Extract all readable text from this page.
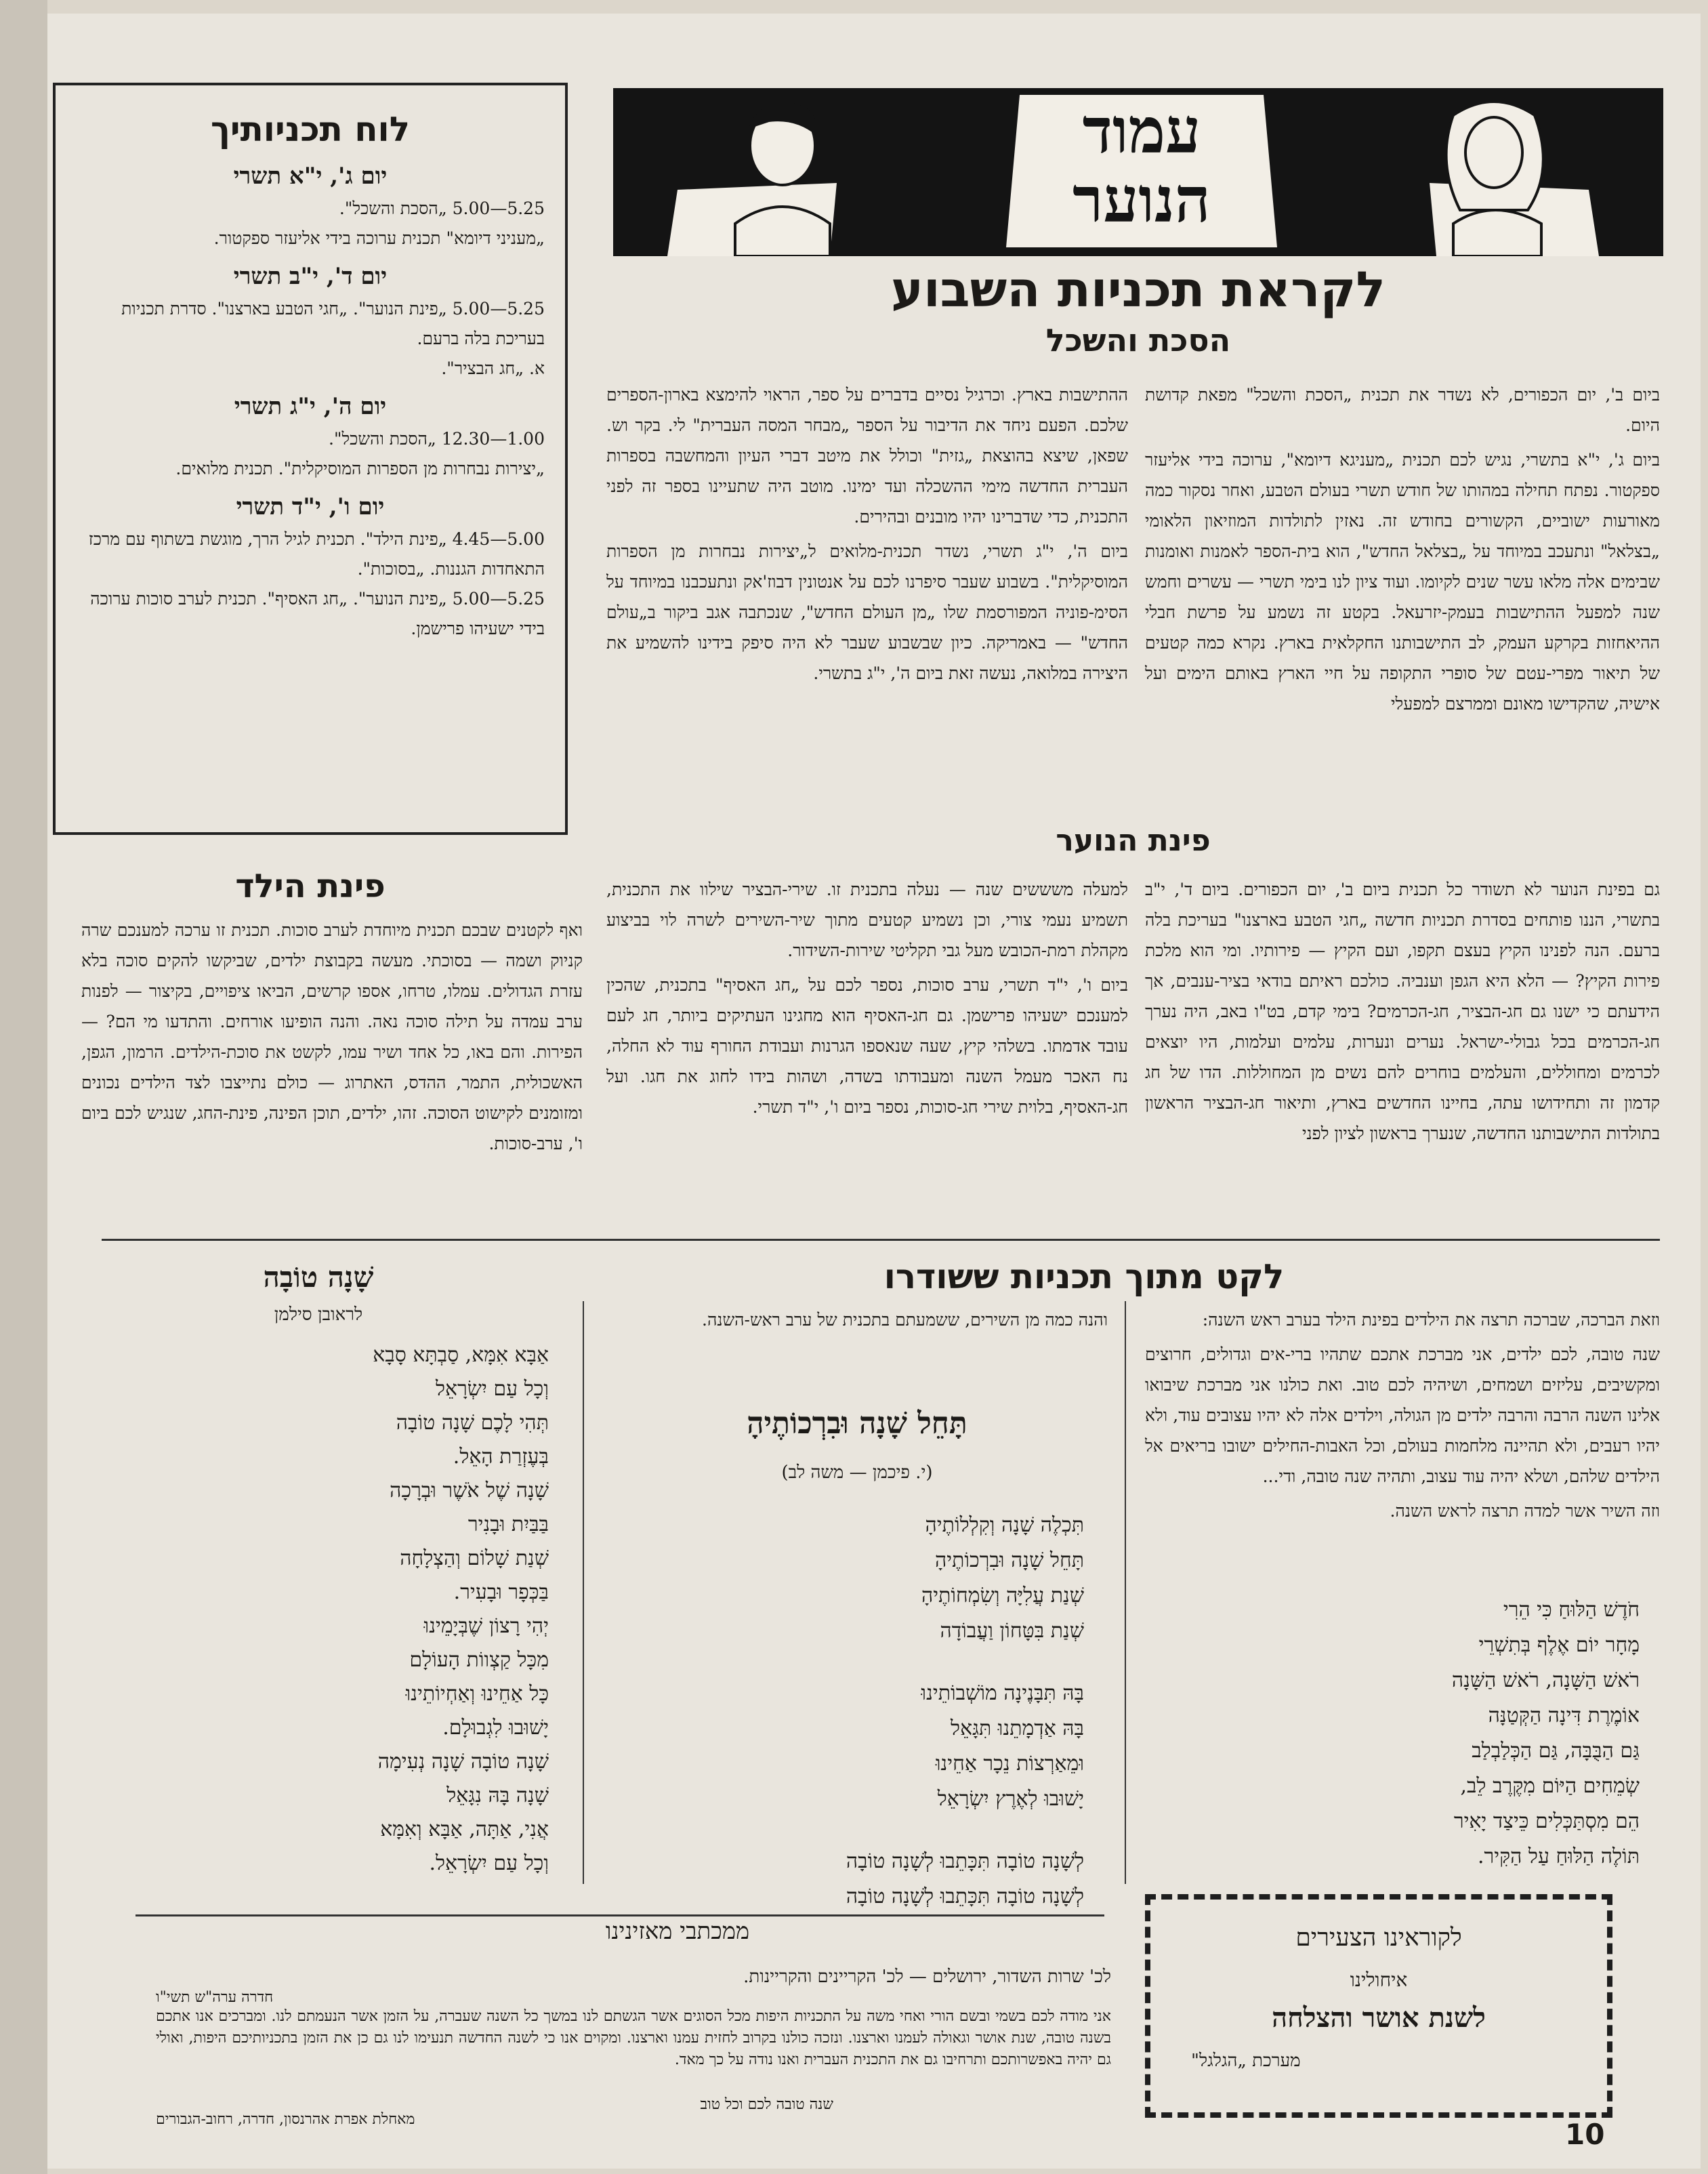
עמוד
הנוער
לוח תכניותיך
יום ג', י"א תשרי
5.25—5.00 „הסכת והשכל".
„מעניני דיומא" תכנית ערוכה בידי אליעזר ספקטור.
יום ד', י"ב תשרי
5.25—5.00 „פינת הנוער". „חגי הטבע בארצנו". סדרת תכניות בעריכת בלה ברעם.
א. „חג הבציר".
יום ה', י"ג תשרי
1.00—12.30 „הסכת והשכל".
„יצירות נבחרות מן הספרות המוסיקלית". תכנית מלואים.
יום ו', י"ד תשרי
5.00—4.45 „פינת הילד". תכנית לגיל הרך, מוגשת בשתוף עם מרכז התאחדות הגננות. „בסוכות".
5.25—5.00 „פינת הנוער". „חג האסיף". תכנית לערב סוכות ערוכה בידי ישעיהו פרישמן.
לקראת תכניות השבוע
הסכת והשכל

ביום ב', יום הכפורים, לא נשדר את תכנית „הסכת והשכל" מפאת קדושת היום.

ביום ג', י"א בתשרי, נגיש לכם תכנית „מעניגא דיומא", ערוכה בידי אליעזר ספקטור. נפתח תחילה במהותו של חודש תשרי בעולם הטבע, ואחר נסקור כמה מאורעות ישוביים, הקשורים בחודש זה. נאזין לתולדות המוזיאון הלאומי „בצלאל" ונתעכב במיוחד על „בצלאל החדש", הוא בית-הספר לאמנות ואומנות שבימים אלה מלאו עשר שנים לקיומו. ועוד ציון לנו בימי תשרי — עשרים וחמש שנה למפעל ההתישבות בעמק-יזרעאל. בקטע זה נשמע על פרשת חבלי ההיאחזות בקרקע העמק, לב התישבותנו החקלאית בארץ. נקרא כמה קטעים של תיאור מפרי-עטם של סופרי התקופה על חיי הארץ באותם הימים ועל אישיה, שהקדישו מאונם וממרצם למפעלי

ההתישבות בארץ. וכרגיל נסיים בדברים על ספר, הראוי להימצא בארון-הספרים שלכם. הפעם ניחד את הדיבור על הספר „מבחר המסה העברית" לי. בקר וש. שפאן, שיצא בהוצאת „גזית" וכולל את מיטב דברי העיון והמחשבה בספרות העברית החדשה מימי ההשכלה ועד ימינו. מוטב היה שתעיינו בספר זה לפני התכנית, כדי שדברינו יהיו מובנים ובהירים.

ביום ה', י"ג תשרי, נשדר תכנית-מלואים ל„יצירות נבחרות מן הספרות המוסיקלית". בשבוע שעבר סיפרנו לכם על אנטונין דבוז'אק ונתעכבנו במיוחד על הסימ-פוניה המפורסמת שלו „מן העולם החדש", שנכתבה אגב ביקור ב„עולם החדש" — באמריקה. כיון שבשבוע שעבר לא היה סיפק בידינו להשמיע את היצירה במלואה, נעשה זאת ביום ה', י"ג בתשרי.

פינת הנוער

גם בפינת הנוער לא תשודר כל תכנית ביום ב', יום הכפורים. ביום ד', י"ב בתשרי, הננו פותחים בסדרת תכניות חדשה „חגי הטבע בארצנו" בעריכת בלה ברעם. הנה לפנינו הקיץ בעצם תקפו, ועם הקיץ — פירותיו. ומי הוא מלכת פירות הקיץ? — הלא היא הגפן וענביה. כולכם ראיתם בודאי בציר-ענבים, אך הידעתם כי ישנו גם חג-הבציר, חג-הכרמים? בימי קדם, בט"ו באב, היה נערך חג-הכרמים בכל גבולי-ישראל. נערים ונערות, עלמים ועלמות, היו יוצאים לכרמים ומחוללים, והעלמים בוחרים להם נשים מן המחוללות. הדו של חג קדמון זה ותחידושו עתה, בחיינו החדשים בארץ, ותיאור חג-הבציר הראשון בתולדות התישבותנו החדשה, שנערך בראשון לציון לפני

למעלה משששים שנה — נעלה בתכנית זו. שירי-הבציר שילוו את התכנית, תשמיע נעמי צורי, וכן נשמיע קטעים מתוך שיר-השירים לשרה לוי בביצוע מקהלת רמת-הכובש מעל גבי תקליטי שירות-השידור.

ביום ו', י"ד תשרי, ערב סוכות, נספר לכם על „חג האסיף" בתכנית, שהכין למענכם ישעיהו פרישמן. גם חג-האסיף הוא מחגינו העתיקים ביותר, חג לעם עובד אדמתו. בשלהי קיץ, שעה שנאספו הגרנות ועבודת החורף עוד לא החלה, נח האכר מעמל השנה ומעבודתו בשדה, ושהות בידו לחוג את חגו. ועל חג-האסיף, בלוית שירי חג-סוכות, נספר ביום ו', י"ד תשרי.

פינת הילד

ואף לקטנים שבכם תכנית מיוחדת לערב סוכות. תכנית זו ערכה למענכם שרה קניוק ושמה — בסוכתי. מעשה בקבוצת ילדים, שביקשו להקים סוכה בלא עזרת הגדולים. עמלו, טרחו, אספו קרשים, הביאו ציפויים, בקיצור — לפנות ערב עמדה על תילה סוכה נאה. והנה הופיעו אורחים. והתדעו מי הם? — הפירות. והם באו, כל אחד ושיר עמו, לקשט את סוכת-הילדים. הרמון, הגפן, האשכולית, התמר, ההדס, האתרוג — כולם נתייצבו לצד הילדים נכונים ומזומנים לקישוט הסוכה. זהו, ילדים, תוכן הפינה, פינת-החג, שנגיש לכם ביום ו', ערב-סוכות.

לקט מתוך תכניות ששודרו

וזאת הברכה, שברכה תרצה את הילדים בפינת הילד בערב ראש השנה:

שנה טובה, לכם ילדים, אני מברכת אתכם שתהיו ברי-אים וגדולים, חרוצים ומקשיבים, עליזים ושמחים, ושיהיה לכם טוב. ואת כולנו אני מברכת שיבואו אלינו השנה הרבה והרבה ילדים מן הגולה, וילדים אלה לא יהיו עצובים עוד, ולא יהיו רעבים, ולא תהיינה מלחמות בעולם, וכל האבות-החילים ישובו בריאים אל הילדים שלהם, ושלא יהיה עוד עצוב, ותהיה שנה טובה, ודי...

וזה השיר אשר למדה תרצה לראש השנה.

חֹדֶשׁ הַלּוּחַ כִּי הֵרִי
מָחָר יוֹם אֶלֶף בְּתִשְׁרֵי
רֹאשׁ הַשָּׁנָה, רֹאשׁ הַשָּׁנָה
אוֹמֶרֶת דִּינָה הַקְּטַנָּה
גַּם הַבֻּבָּה, גַּם הַכְּלַבְלַב
שְׂמֵחִים הַיּוֹם מִקֶּרֶב לֵב,
הֵם מִסְתַּכְּלִים כֵּיצַד יָאִיר
תּוֹלֶה הַלּוּחַ עַל הַקִּיר.
והנה כמה מן השירים, ששמעתם בתכנית של ערב ראש-השנה.
תָּחֵל שָׁנָה וּבִרְכוֹתֶיהָ
(י. פיכמן — משה לב)
תִּכְלֶה שָׁנָה וְקִלְלוֹתֶיהָ
תָּחֵל שָׁנָה וּבִרְכוֹתֶיהָ
שְׁנַת עֲלִיָּה וְשִׂמְחוֹתֶיהָ
שְׁנַת בִּטָּחוֹן וַעֲבוֹדָה
בָּהּ תִּבָּנֶינָה מוֹשְׁבוֹתֵינוּ
בָּהּ אַדְמָתֵנוּ תִּגָּאֵל
וּמֵאַרְצוֹת נֵכָר אַחֵינוּ
יָשׁוּבוּ לְאֶרֶץ יִשְׂרָאֵל
לְשָׁנָה טוֹבָה תִּכָּתֵבוּ לְשָׁנָה טוֹבָה
לְשָׁנָה טוֹבָה תִּכָּתֵבוּ לְשָׁנָה טוֹבָה
שָׁנָה טוֹבָה
לראובן סילמן
אַבָּא אִמָּא, סַבְתָּא סָבָא
וְכָל עַם יִשְׂרָאֵל
תְּהִי לָכֶם שָׁנָה טוֹבָה
בְּעֶזְרַת הָאֵל.
שָׁנָה שֶׁל אֹשֶׁר וּבְרָכָה
בַּבַּיִת וּבָנִיר
שְׁנַת שָׁלוֹם וְהַצְלָחָה
בַּכְּפָר וּבָעִיר.
יְהִי רָצוֹן שֶׁבְּיָמֵינוּ
מִכָּל קַצְווֹת הָעוֹלָם
כָּל אַחֵינוּ וְאַחְיוֹתֵינוּ
יָשׁוּבוּ לִגְבוּלָם.
שָׁנָה טוֹבָה שָׁנָה נְעִימָה
שָׁנָה בָּהּ נִגָּאֵל
אֲנִי, אַתָּה, אַבָּא וְאִמָּא
וְכָל עַם יִשְׂרָאֵל.
ממכתבי מאזינינו
לכ' שרות השדור, ירושלים — לכ' הקריינים והקריינות.
חדרה ערה"ש תשי"ו
אני מודה לכם בשמי ובשם הורי ואחי משה על התכניות היפות מכל הסוגים אשר הגשתם לנו במשך כל השנה שעברה, על הזמן אשר הנעמתם לנו. ומברכים אנו אתכם בשנה טובה, שנת אושר וגאולה לעמנו וארצנו. ונזכה כולנו בקרוב לחזית עמנו וארצנו. ומקוים אנו כי לשנה החדשה תנעימו לנו גם כן את הזמן בתכניותיכם היפות, ואולי גם יהיה באפשרותכם ותרחיבו גם את התכנית העברית ואנו נודה על כך מאד.
שנה טובה לכם וכל טוב
מאחלת אפרת אהרנסון, חדרה, רחוב-הגבורים
לקוראינו הצעירים
איחולינו
לשנת אושר והצלחה
מערכת „הגלגל"
10
